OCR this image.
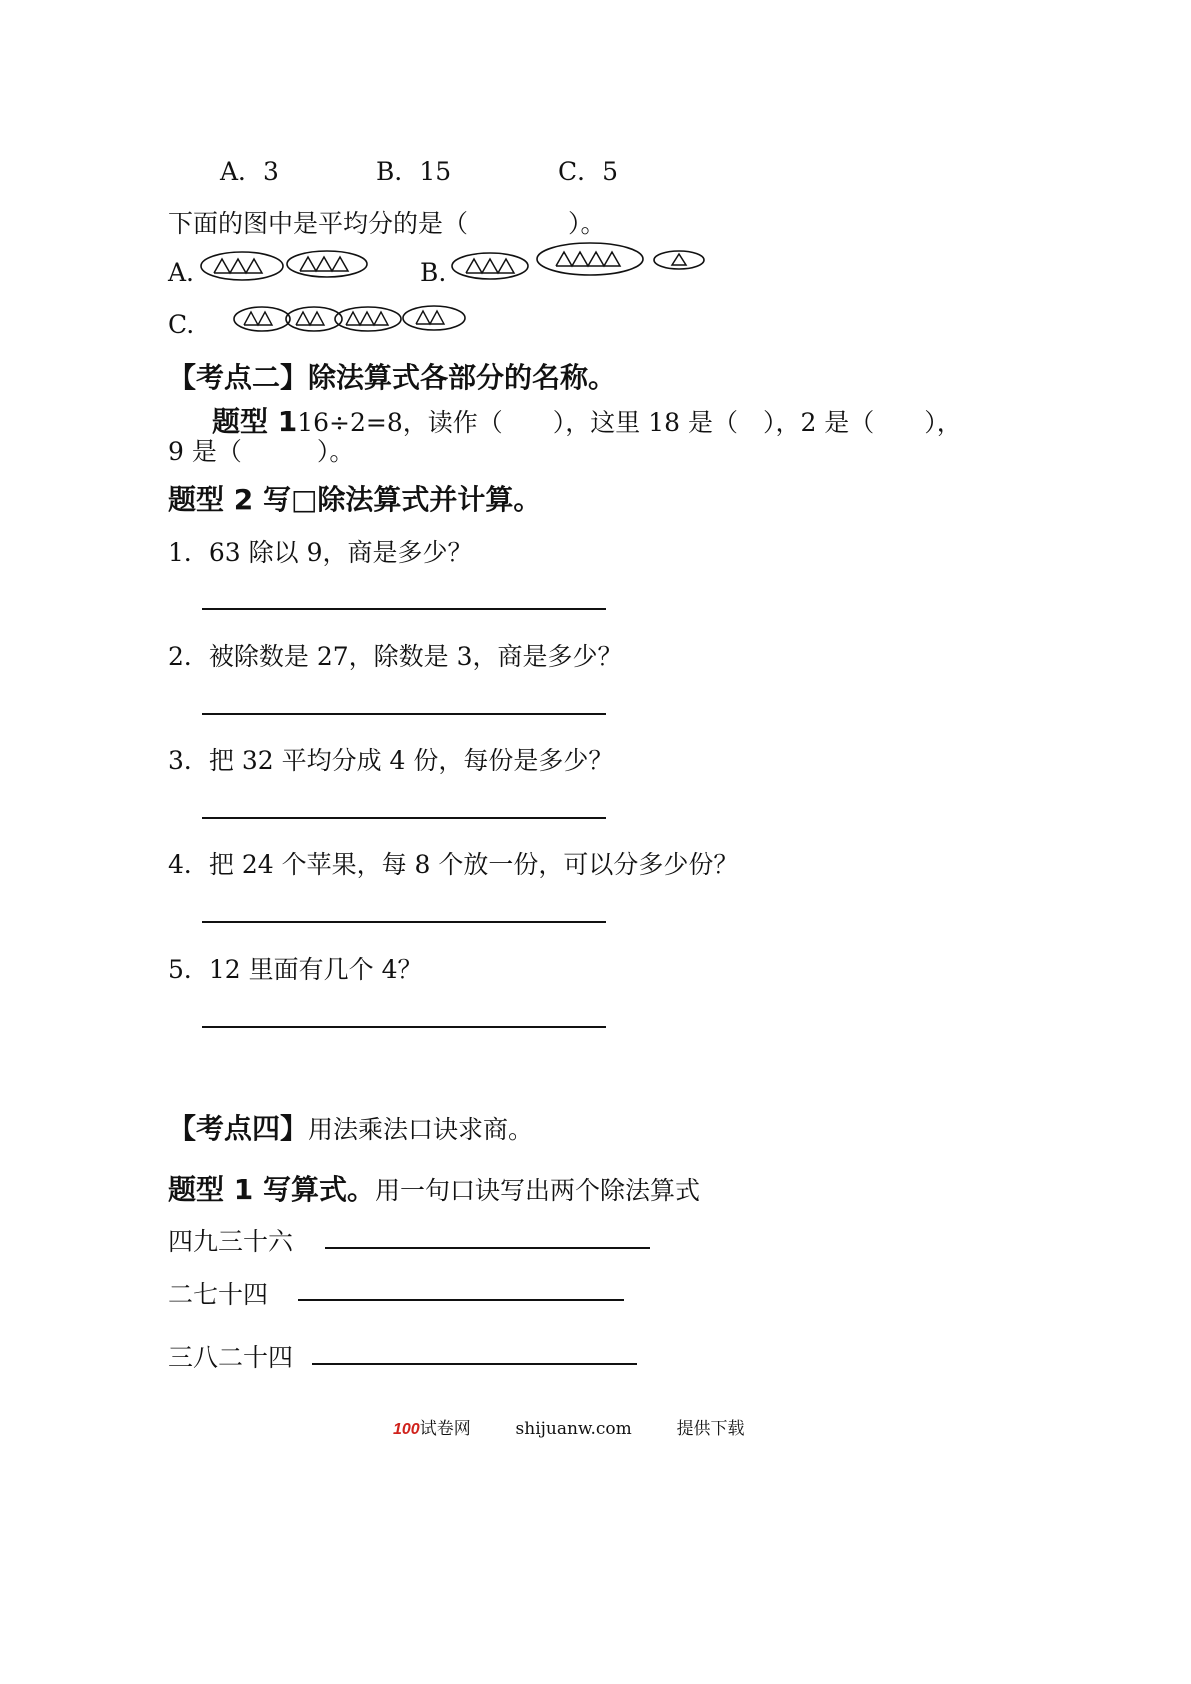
A．3	B．15	C．5
下面的图中是平均分的是（　　　　）。
A.	B.
C.
【考点二】除法算式各部分的名称。
题型 116÷2=8，读作（　　），这里 18 是（　），2 是（　　），
9 是（　　　）。
题型 2 写□除法算式并计算。
1．63 除以 9，商是多少？
2．被除数是 27，除数是 3，商是多少？
3．把 32 平均分成 4 份，每份是多少？
4．把 24 个苹果，每 8 个放一份，可以分多少份？
5．12 里面有几个 4？
【考点四】用法乘法口诀求商。
题型 1 写算式。用一句口诀写出两个除法算式
四九三十六
二七十四
三八二十四
100试卷网	shijuanw.com	提供下载
